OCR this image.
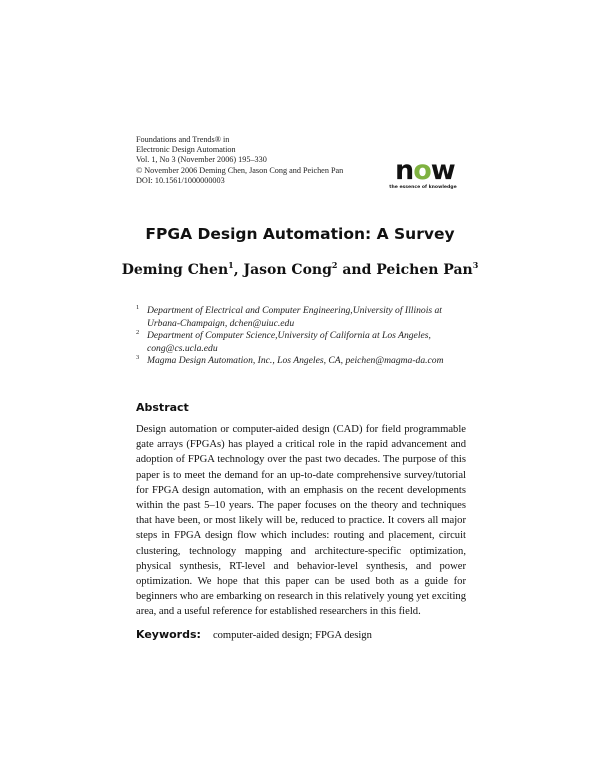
Foundations and Trends® in
Electronic Design Automation
Vol. 1, No 3 (November 2006) 195–330
© November 2006 Deming Chen, Jason Cong and Peichen Pan
DOI: 10.1561/1000000003	now
the essence of knowledge
FPGA Design Automation: A Survey
Deming Chen$^1$, Jason Cong$^2$ and Peichen Pan$^3$
1 Department of Electrical and Computer Engineering,University of Illinois at Urbana-Champaign, dchen@uiuc.edu
2 Department of Computer Science,University of California at Los Angeles, cong@cs.ucla.edu
3 Magma Design Automation, Inc., Los Angeles, CA, peichen@magma-da.com
Abstract

Design automation or computer-aided design (CAD) for field programmable gate arrays (FPGAs) has played a critical role in the rapid advancement and adoption of FPGA technology over the past two decades. The purpose of this paper is to meet the demand for an up-to-date comprehensive survey/tutorial for FPGA design automation, with an emphasis on the recent developments within the past 5–10 years. The paper focuses on the theory and techniques that have been, or most likely will be, reduced to practice. It covers all major steps in FPGA design flow which includes: routing and placement, circuit clustering, technology mapping and architecture-specific optimization, physical synthesis, RT-level and behavior-level synthesis, and power optimization. We hope that this paper can be used both as a guide for beginners who are embarking on research in this relatively young yet exciting area, and a useful reference for established researchers in this field.

Keywords: computer-aided design; FPGA design
